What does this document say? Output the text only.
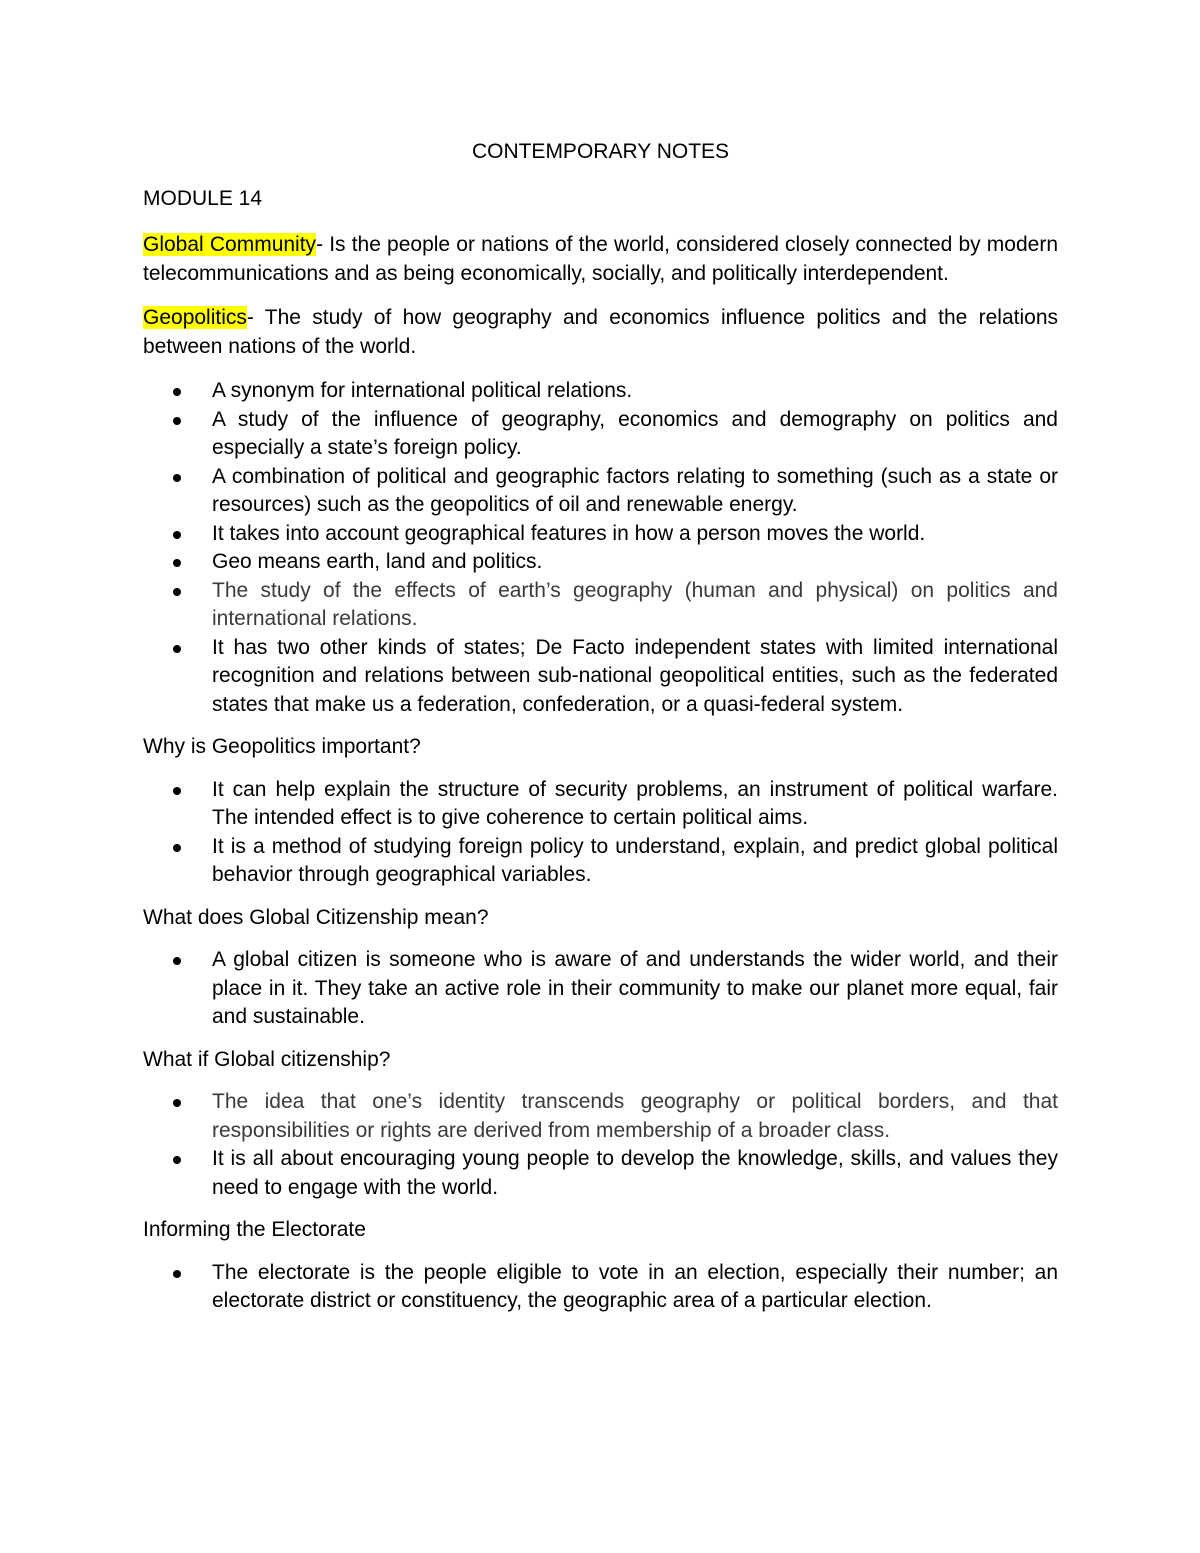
CONTEMPORARY NOTES
MODULE 14

Global Community- Is the people or nations of the world, considered closely connected by modern telecommunications and as being economically, socially, and politically interdependent.

Geopolitics- The study of how geography and economics influence politics and the relations between nations of the world.

A synonym for international political relations.
A study of the influence of geography, economics and demography on politics and especially a state’s foreign policy.
A combination of political and geographic factors relating to something (such as a state or resources) such as the geopolitics of oil and renewable energy.
It takes into account geographical features in how a person moves the world.
Geo means earth, land and politics.
The study of the effects of earth’s geography (human and physical) on politics and international relations.
It has two other kinds of states; De Facto independent states with limited international recognition and relations between sub-national geopolitical entities, such as the federated states that make us a federation, confederation, or a quasi-federal system.
Why is Geopolitics important?
It can help explain the structure of security problems, an instrument of political warfare. The intended effect is to give coherence to certain political aims.
It is a method of studying foreign policy to understand, explain, and predict global political behavior through geographical variables.
What does Global Citizenship mean?
A global citizen is someone who is aware of and understands the wider world, and their place in it. They take an active role in their community to make our planet more equal, fair and sustainable.
What if Global citizenship?
The idea that one’s identity transcends geography or political borders, and that responsibilities or rights are derived from membership of a broader class.
It is all about encouraging young people to develop the knowledge, skills, and values they need to engage with the world.
Informing the Electorate
The electorate is the people eligible to vote in an election, especially their number; an electorate district or constituency, the geographic area of a particular election.
